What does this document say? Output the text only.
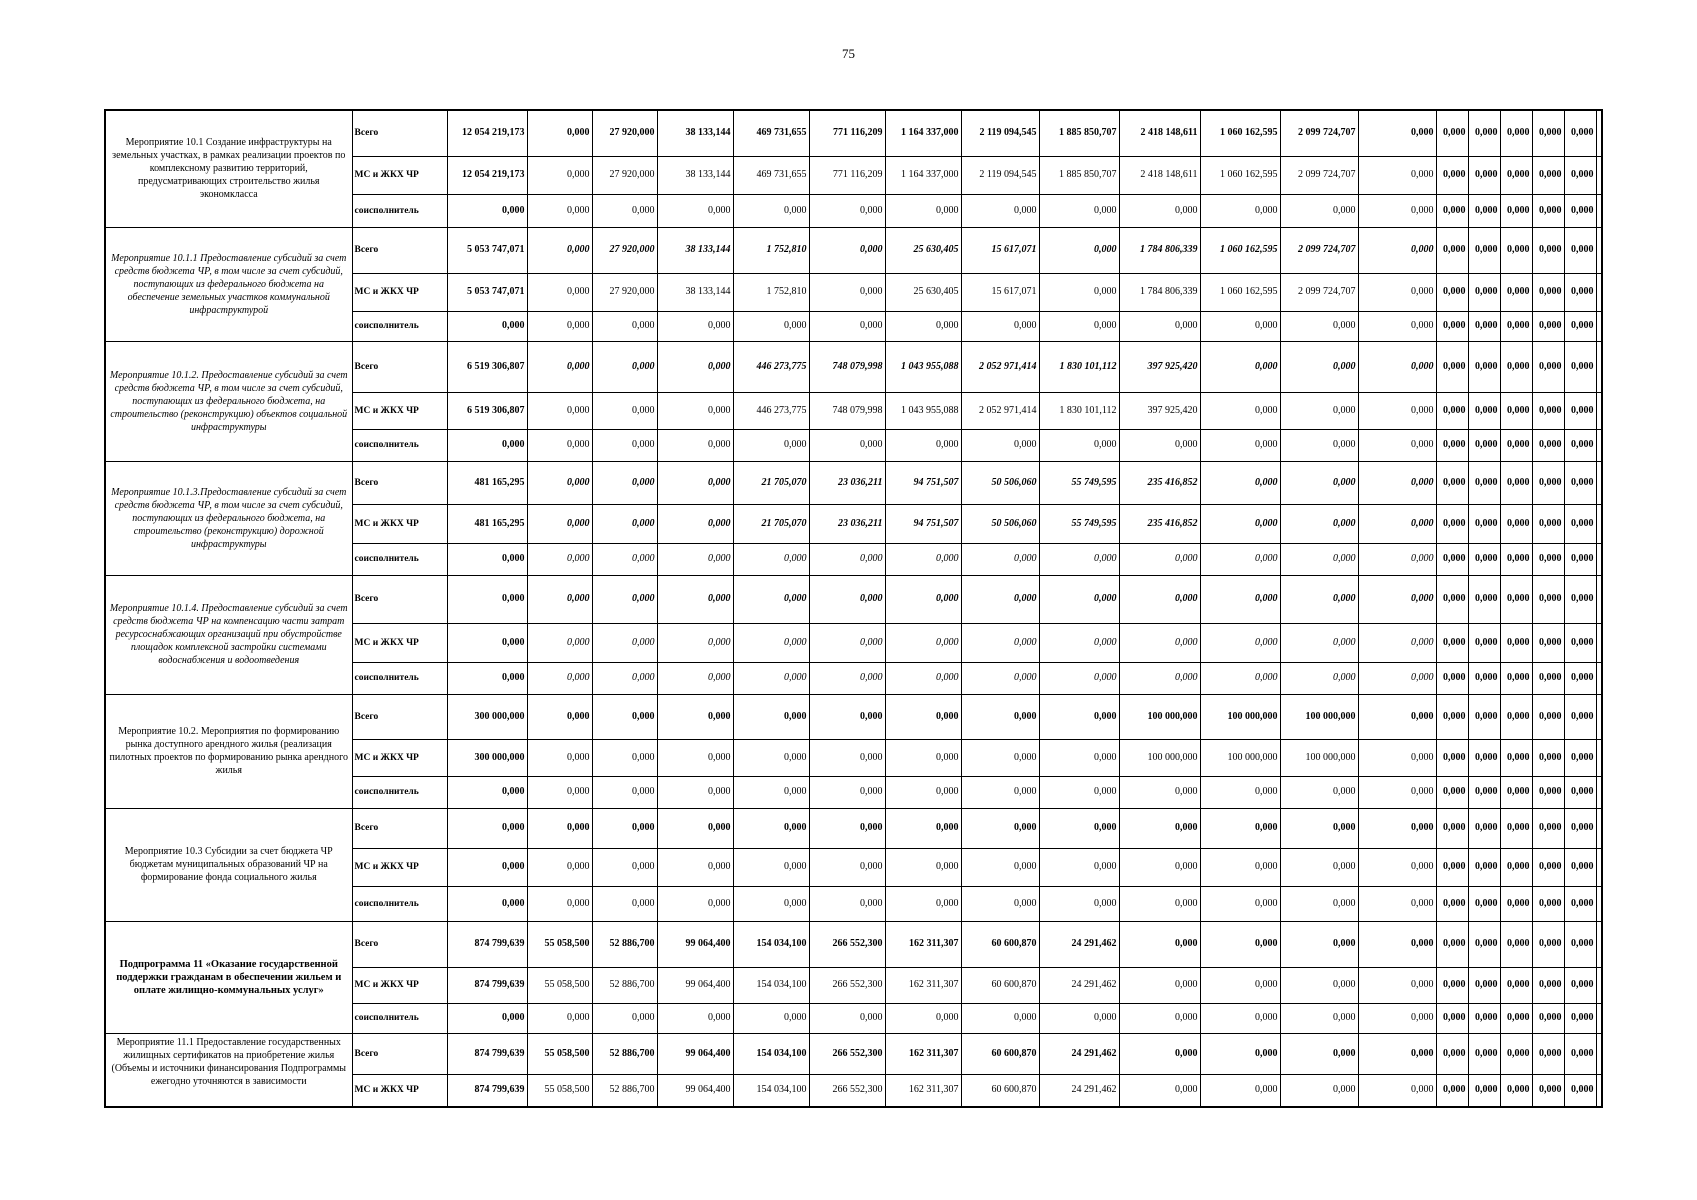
75
Мероприятие 10.1 Создание инфраструктуры на земельных участках, в рамках реализации проектов по комплексному развитию территорий, предусматривающих строительство жилья экономкласса	Всего	12 054 219,173	0,000	27 920,000	38 133,144	469 731,655	771 116,209	1 164 337,000	2 119 094,545	1 885 850,707	2 418 148,611	1 060 162,595	2 099 724,707	0,000	0,000	0,000	0,000	0,000	0,000	
	МС и ЖКХ ЧР	12 054 219,173	0,000	27 920,000	38 133,144	469 731,655	771 116,209	1 164 337,000	2 119 094,545	1 885 850,707	2 418 148,611	1 060 162,595	2 099 724,707	0,000	0,000	0,000	0,000	0,000	0,000	
	соисполнитель	0,000	0,000	0,000	0,000	0,000	0,000	0,000	0,000	0,000	0,000	0,000	0,000	0,000	0,000	0,000	0,000	0,000	0,000	
Мероприятие 10.1.1 Предоставление субсидий за счет средств бюджета ЧР, в том числе за счет субсидий, поступающих из федерального бюджета на обеспечение земельных участков коммунальной инфраструктурой	Всего	5 053 747,071	0,000	27 920,000	38 133,144	1 752,810	0,000	25 630,405	15 617,071	0,000	1 784 806,339	1 060 162,595	2 099 724,707	0,000	0,000	0,000	0,000	0,000	0,000	
	МС и ЖКХ ЧР	5 053 747,071	0,000	27 920,000	38 133,144	1 752,810	0,000	25 630,405	15 617,071	0,000	1 784 806,339	1 060 162,595	2 099 724,707	0,000	0,000	0,000	0,000	0,000	0,000	
	соисполнитель	0,000	0,000	0,000	0,000	0,000	0,000	0,000	0,000	0,000	0,000	0,000	0,000	0,000	0,000	0,000	0,000	0,000	0,000	
Мероприятие 10.1.2. Предоставление субсидий за счет средств бюджета ЧР, в том числе за счет субсидий, поступающих из федерального бюджета, на строительство (реконструкцию) объектов социальной инфраструктуры	Всего	6 519 306,807	0,000	0,000	0,000	446 273,775	748 079,998	1 043 955,088	2 052 971,414	1 830 101,112	397 925,420	0,000	0,000	0,000	0,000	0,000	0,000	0,000	0,000	
	МС и ЖКХ ЧР	6 519 306,807	0,000	0,000	0,000	446 273,775	748 079,998	1 043 955,088	2 052 971,414	1 830 101,112	397 925,420	0,000	0,000	0,000	0,000	0,000	0,000	0,000	0,000	
	соисполнитель	0,000	0,000	0,000	0,000	0,000	0,000	0,000	0,000	0,000	0,000	0,000	0,000	0,000	0,000	0,000	0,000	0,000	0,000	
Мероприятие 10.1.3.Предоставление субсидий за счет средств бюджета ЧР, в том числе за счет субсидий, поступающих из федерального бюджета, на строительство (реконструкцию) дорожной инфраструктуры	Всего	481 165,295	0,000	0,000	0,000	21 705,070	23 036,211	94 751,507	50 506,060	55 749,595	235 416,852	0,000	0,000	0,000	0,000	0,000	0,000	0,000	0,000	
	МС и ЖКХ ЧР	481 165,295	0,000	0,000	0,000	21 705,070	23 036,211	94 751,507	50 506,060	55 749,595	235 416,852	0,000	0,000	0,000	0,000	0,000	0,000	0,000	0,000	
	соисполнитель	0,000	0,000	0,000	0,000	0,000	0,000	0,000	0,000	0,000	0,000	0,000	0,000	0,000	0,000	0,000	0,000	0,000	0,000	
Мероприятие 10.1.4. Предоставление субсидий за счет средств бюджета ЧР на компенсацию части затрат ресурсоснабжающих организаций при обустройстве площадок комплексной застройки системами водоснабжения и водоотведения	Всего	0,000	0,000	0,000	0,000	0,000	0,000	0,000	0,000	0,000	0,000	0,000	0,000	0,000	0,000	0,000	0,000	0,000	0,000	
	МС и ЖКХ ЧР	0,000	0,000	0,000	0,000	0,000	0,000	0,000	0,000	0,000	0,000	0,000	0,000	0,000	0,000	0,000	0,000	0,000	0,000	
	соисполнитель	0,000	0,000	0,000	0,000	0,000	0,000	0,000	0,000	0,000	0,000	0,000	0,000	0,000	0,000	0,000	0,000	0,000	0,000	
Мероприятие 10.2. Мероприятия по формированию рынка доступного арендного жилья (реализация пилотных проектов по формированию рынка арендного жилья	Всего	300 000,000	0,000	0,000	0,000	0,000	0,000	0,000	0,000	0,000	100 000,000	100 000,000	100 000,000	0,000	0,000	0,000	0,000	0,000	0,000	
	МС и ЖКХ ЧР	300 000,000	0,000	0,000	0,000	0,000	0,000	0,000	0,000	0,000	100 000,000	100 000,000	100 000,000	0,000	0,000	0,000	0,000	0,000	0,000	
	соисполнитель	0,000	0,000	0,000	0,000	0,000	0,000	0,000	0,000	0,000	0,000	0,000	0,000	0,000	0,000	0,000	0,000	0,000	0,000	
Мероприятие 10.3 Субсидии за счет бюджета ЧР бюджетам муниципальных образований ЧР на формирование фонда социального жилья	Всего	0,000	0,000	0,000	0,000	0,000	0,000	0,000	0,000	0,000	0,000	0,000	0,000	0,000	0,000	0,000	0,000	0,000	0,000	
	МС и ЖКХ ЧР	0,000	0,000	0,000	0,000	0,000	0,000	0,000	0,000	0,000	0,000	0,000	0,000	0,000	0,000	0,000	0,000	0,000	0,000	
	соисполнитель	0,000	0,000	0,000	0,000	0,000	0,000	0,000	0,000	0,000	0,000	0,000	0,000	0,000	0,000	0,000	0,000	0,000	0,000	
Подпрограмма 11 «Оказание государственной поддержки гражданам в обеспечении жильем и оплате жилищно-коммунальных услуг»	Всего	874 799,639	55 058,500	52 886,700	99 064,400	154 034,100	266 552,300	162 311,307	60 600,870	24 291,462	0,000	0,000	0,000	0,000	0,000	0,000	0,000	0,000	0,000	
	МС и ЖКХ ЧР	874 799,639	55 058,500	52 886,700	99 064,400	154 034,100	266 552,300	162 311,307	60 600,870	24 291,462	0,000	0,000	0,000	0,000	0,000	0,000	0,000	0,000	0,000	
	соисполнитель	0,000	0,000	0,000	0,000	0,000	0,000	0,000	0,000	0,000	0,000	0,000	0,000	0,000	0,000	0,000	0,000	0,000	0,000	
Мероприятие 11.1 Предоставление государственных жилищных сертификатов на приобретение жилья (Объемы и источники финансирования Подпрограммы ежегодно уточняются в зависимости	Всего	874 799,639	55 058,500	52 886,700	99 064,400	154 034,100	266 552,300	162 311,307	60 600,870	24 291,462	0,000	0,000	0,000	0,000	0,000	0,000	0,000	0,000	0,000	
	МС и ЖКХ ЧР	874 799,639	55 058,500	52 886,700	99 064,400	154 034,100	266 552,300	162 311,307	60 600,870	24 291,462	0,000	0,000	0,000	0,000	0,000	0,000	0,000	0,000	0,000	
